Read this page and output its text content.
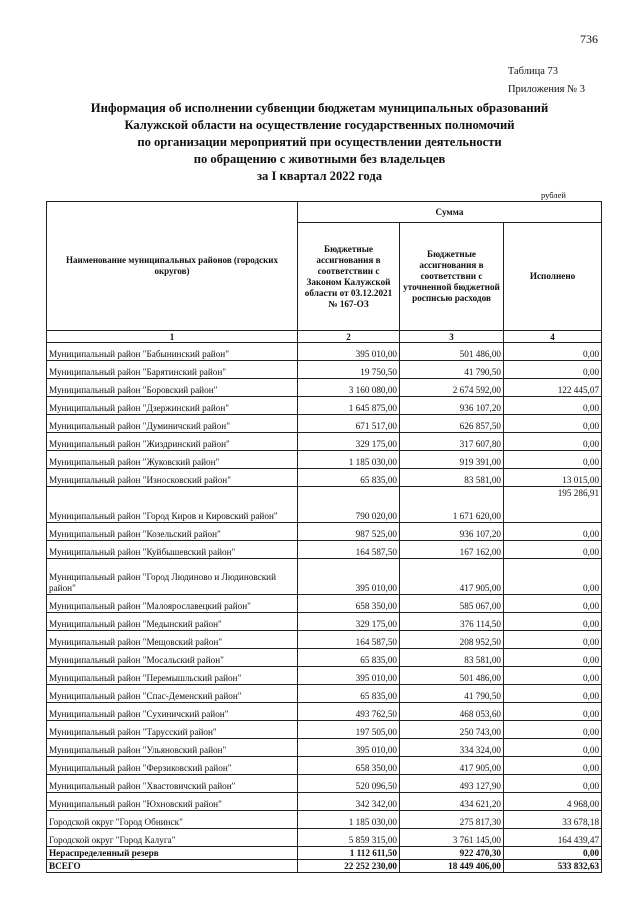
736
Таблица 73
Приложения № 3
Информация об исполнении субвенции бюджетам муниципальных образований
Калужской области на осуществление государственных полномочий
по организации мероприятий при осуществлении деятельности
по обращению с животными без владельцев
за I квартал 2022 года
рублей
Наименование муниципальных районов (городских округов)	Сумма		
	Бюджетные ассигнования в соответствии с Законом Калужской области от 03.12.2021 № 167-ОЗ	Бюджетные ассигнования в соответствии с уточненной бюджетной росписью расходов	Исполнено
1	2	3	4
Муниципальный район "Бабынинский район"	395 010,00	501 486,00	0,00
Муниципальный район "Барятинский район"	19 750,50	41 790,50	0,00
Муниципальный район "Боровский район"	3 160 080,00	2 674 592,00	122 445,07
Муниципальный район "Дзержинский район"	1 645 875,00	936 107,20	0,00
Муниципальный район "Думиничский район"	671 517,00	626 857,50	0,00
Муниципальный район "Жиздринский район"	329 175,00	317 607,80	0,00
Муниципальный район "Жуковский район"	1 185 030,00	919 391,00	0,00
Муниципальный район "Износковский район"	65 835,00	83 581,00	13 015,00
Муниципальный район "Город Киров и Кировский район"	790 020,00	1 671 620,00	195 286,91
Муниципальный район "Козельский район"	987 525,00	936 107,20	0,00
Муниципальный район "Куйбышевский район"	164 587,50	167 162,00	0,00
Муниципальный район "Город Людиново и Людиновский район"	395 010,00	417 905,00	0,00
Муниципальный район "Малоярославецкий район"	658 350,00	585 067,00	0,00
Муниципальный район "Медынский район"	329 175,00	376 114,50	0,00
Муниципальный район "Мещовский район"	164 587,50	208 952,50	0,00
Муниципальный район "Мосальский район"	65 835,00	83 581,00	0,00
Муниципальный район "Перемышльский район"	395 010,00	501 486,00	0,00
Муниципальный район "Спас-Деменский район"	65 835,00	41 790,50	0,00
Муниципальный район "Сухиничский район"	493 762,50	468 053,60	0,00
Муниципальный район "Тарусский район"	197 505,00	250 743,00	0,00
Муниципальный район "Ульяновский район"	395 010,00	334 324,00	0,00
Муниципальный район "Ферзиковский район"	658 350,00	417 905,00	0,00
Муниципальный район "Хвастовичский район"	520 096,50	493 127,90	0,00
Муниципальный район "Юхновский район"	342 342,00	434 621,20	4 968,00
Городской округ "Город Обнинск"	1 185 030,00	275 817,30	33 678,18
Городской округ "Город Калуга"	5 859 315,00	3 761 145,00	164 439,47
Нераспределенный резерв	1 112 611,50	922 470,30	0,00
ВСЕГО	22 252 230,00	18 449 406,00	533 832,63
